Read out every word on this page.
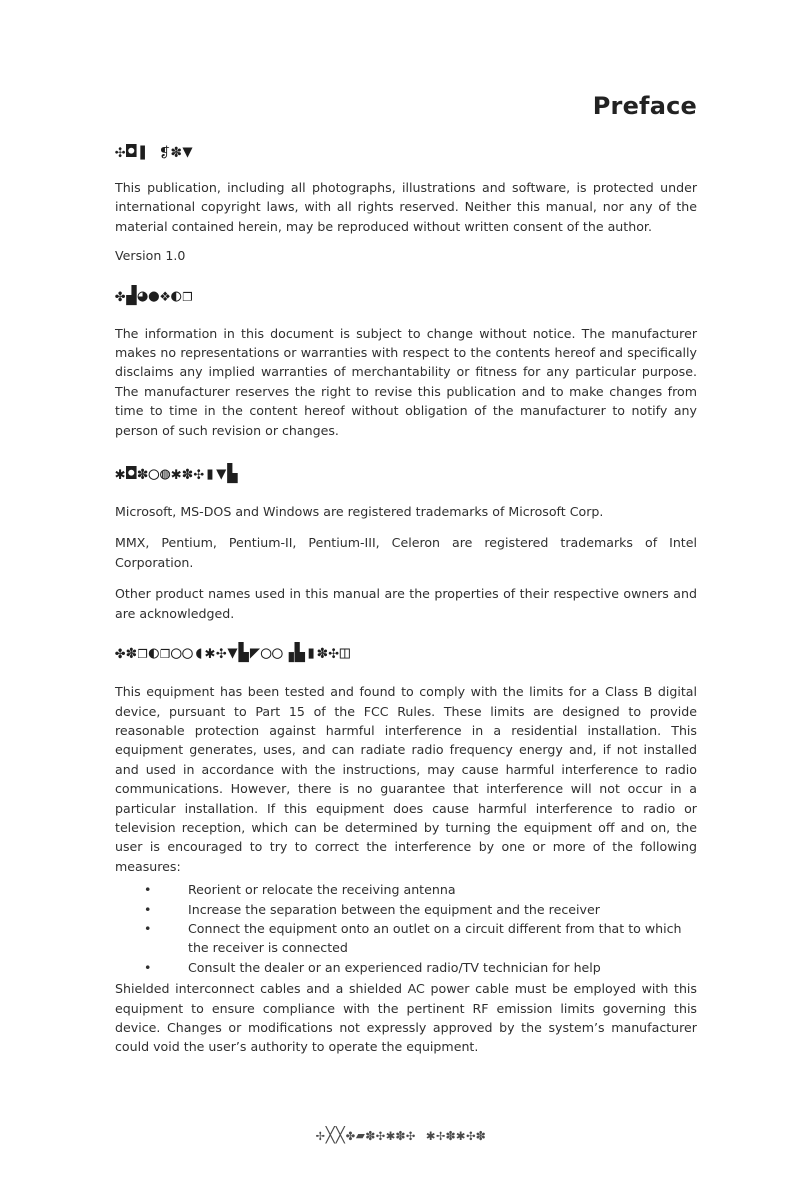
Preface
✣◘❚ ❡✽▼

This publication, including all photographs, illustrations and software, is protected under international copyright laws, with all rights reserved. Neither this manual, nor any of the material contained herein, may be reproduced without written consent of the author.

Version 1.0

✤▟◕●❖◐❐

The information in this document is subject to change without notice. The manufacturer makes no representations or warranties with respect to the contents hereof and specifically disclaims any implied warranties of merchantability or fitness for any particular purpose. The manufacturer reserves the right to revise this publication and to make changes from time to time in the content hereof without obligation of the manufacturer to notify any person of such revision or changes.

✱◘✽◯◍✱✽✣▮▼▙

Microsoft, MS-DOS and Windows are registered trademarks of Microsoft Corp.

MMX, Pentium, Pentium-II, Pentium-III, Celeron are registered trademarks of Intel Corporation.

Other product names used in this manual are the properties of their respective owners and are acknowledged.

✤✽❐◐❐◯◯◖✱✣▼▙◤◯◯▗▙▮✽✣◫

This equipment has been tested and found to comply with the limits for a Class B digital device, pursuant to Part 15 of the FCC Rules. These limits are designed to provide reasonable protection against harmful interference in a residential installation. This equipment generates, uses, and can radiate radio frequency energy and, if not installed and used in accordance with the instructions, may cause harmful interference to radio communications. However, there is no guarantee that interference will not occur in a particular installation. If this equipment does cause harmful interference to radio or television reception, which can be determined by turning the equipment off and on, the user is encouraged to try to correct the interference by one or more of the following measures:

•	Reorient or relocate the receiving antenna
•	Increase the separation between the equipment and the receiver
•	Connect the equipment onto an outlet on a circuit different from that to which the receiver is connected
•	Consult the dealer or an experienced radio/TV technician for help

Shielded interconnect cables and a shielded AC power cable must be employed with this equipment to ensure compliance with the pertinent RF emission limits governing this device. Changes or modifications not expressly approved by the system’s manufacturer could void the user’s authority to operate the equipment.

✢╳╳✤▰✽✣✱✽✣ ✱✢✽✱✣✽
